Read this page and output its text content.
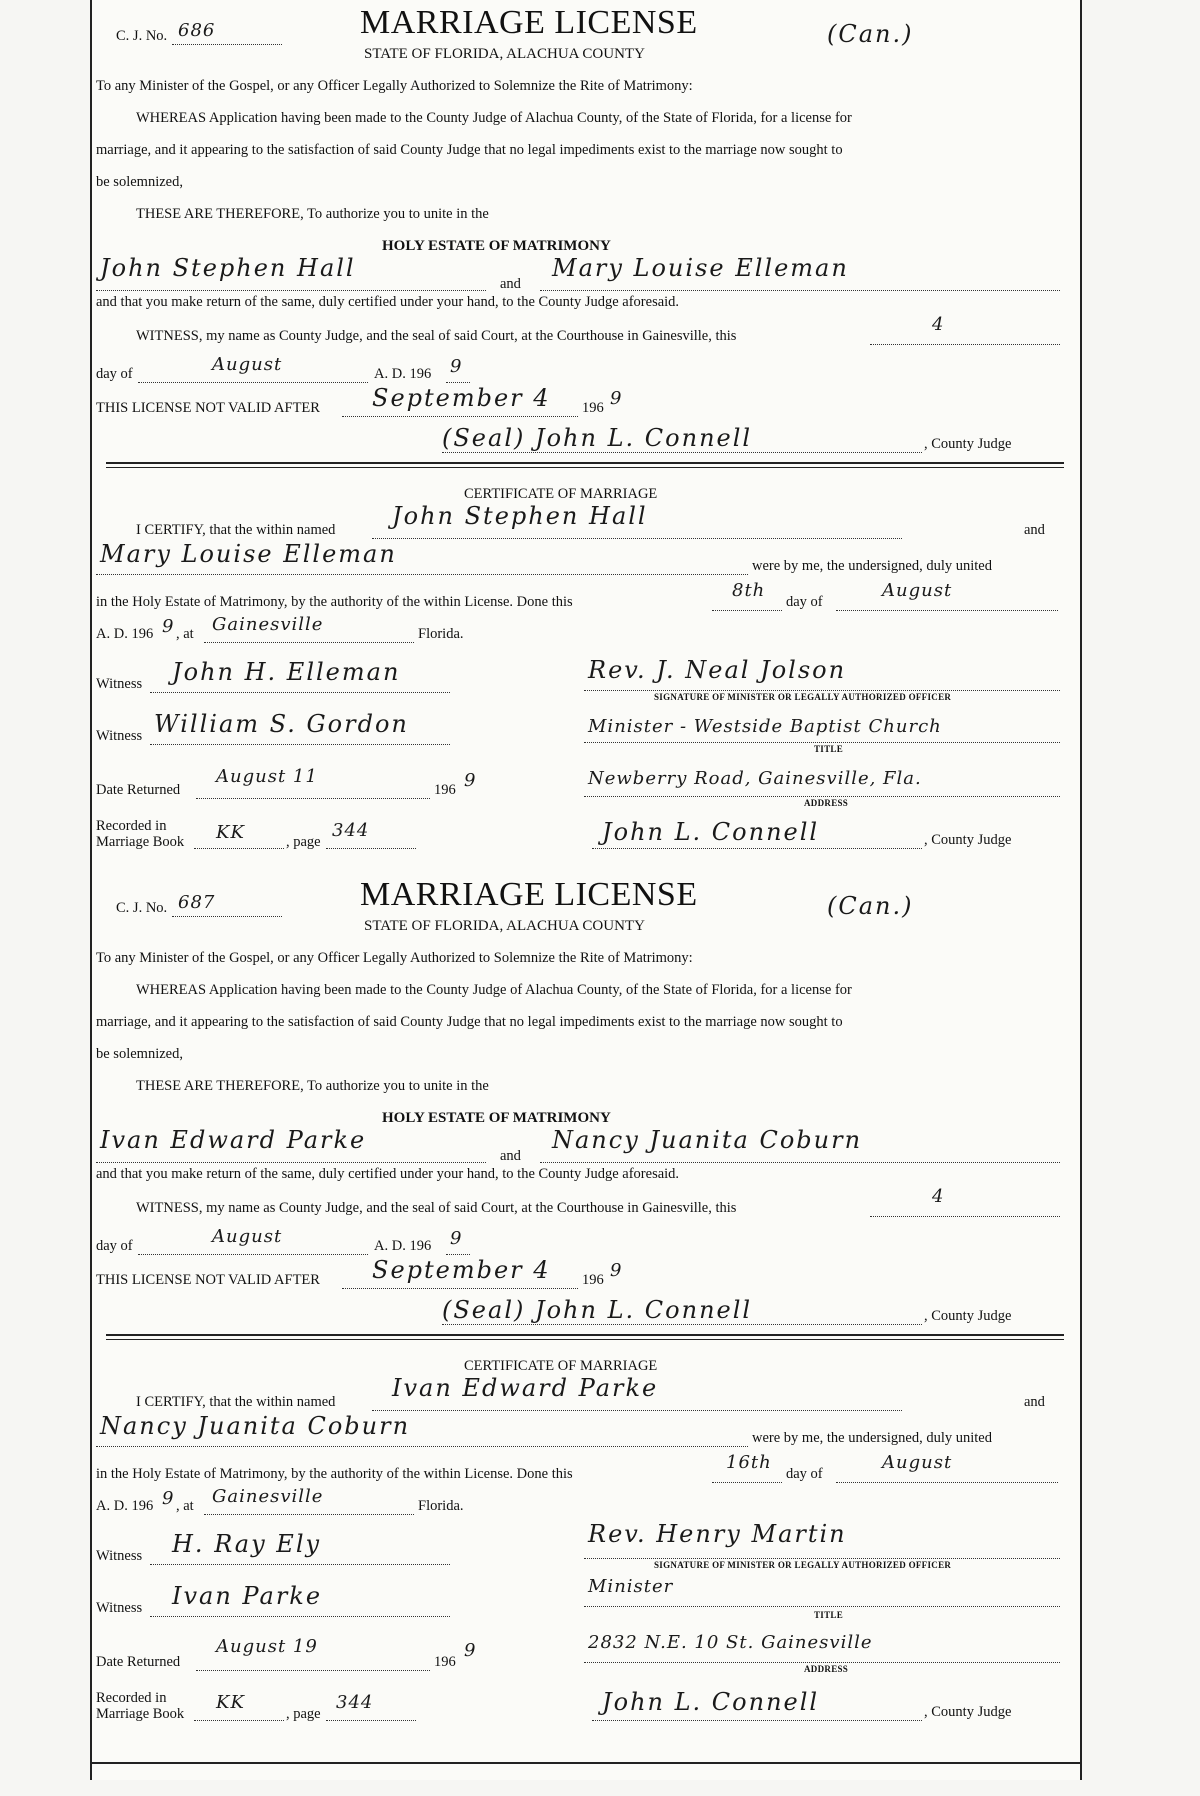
C. J. No. 686	MARRIAGE LICENSE
STATE OF FLORIDA, ALACHUA COUNTY
(Can.)
To any Minister of the Gospel, or any Officer Legally Authorized to Solemnize the Rite of Matrimony:
WHEREAS Application having been made to the County Judge of Alachua County, of the State of Florida, for a license for
marriage, and it appearing to the satisfaction of said County Judge that no legal impediments exist to the marriage now sought to
be solemnized,
THESE ARE THEREFORE, To authorize you to unite in the
HOLY ESTATE OF MATRIMONY
John Stephen Hall
and
Mary Louise Elleman
and that you make return of the same, duly certified under your hand, to the County Judge aforesaid.
WITNESS, my name as County Judge, and the seal of said Court, at the Courthouse in Gainesville, this
4
day of	August	A. D. 196 9
THIS LICENSE NOT VALID AFTER September 4 196 9
(Seal) John L. Connell	, County Judge
CERTIFICATE OF MARRIAGE
I CERTIFY, that the within named John Stephen Hall	and
Mary Louise Elleman	were by me, the undersigned, duly united
in the Holy Estate of Matrimony, by the authority of the within License. Done this
8th
day of
August
A. D. 196 9 , at Gainesville	Florida.
Witness John H. Elleman	Rev. J. Neal Jolson
SIGNATURE OF MINISTER OR LEGALLY AUTHORIZED OFFICER
Witness William S. Gordon	Minister - Westside Baptist Church
TITLE
Date Returned
August 11
196 9	Newberry Road, Gainesville, Fla.
ADDRESS
Recorded in
Marriage Book KK	, page
344	John L. Connell	, County Judge
C. J. No. 687	MARRIAGE LICENSE
STATE OF FLORIDA, ALACHUA COUNTY
(Can.)
To any Minister of the Gospel, or any Officer Legally Authorized to Solemnize the Rite of Matrimony:
WHEREAS Application having been made to the County Judge of Alachua County, of the State of Florida, for a license for
marriage, and it appearing to the satisfaction of said County Judge that no legal impediments exist to the marriage now sought to
be solemnized,
THESE ARE THEREFORE, To authorize you to unite in the
HOLY ESTATE OF MATRIMONY
Ivan Edward Parke
and
Nancy Juanita Coburn
and that you make return of the same, duly certified under your hand, to the County Judge aforesaid.
WITNESS, my name as County Judge, and the seal of said Court, at the Courthouse in Gainesville, this
4
day of	August	A. D. 196 9
THIS LICENSE NOT VALID AFTER September 4 196 9
(Seal) John L. Connell	, County Judge
CERTIFICATE OF MARRIAGE
I CERTIFY, that the within named Ivan Edward Parke	and
Nancy Juanita Coburn	were by me, the undersigned, duly united
in the Holy Estate of Matrimony, by the authority of the within License. Done this
16th
day of
August
A. D. 196 9 , at Gainesville	Florida.
Witness H. Ray Ely	Rev. Henry Martin
SIGNATURE OF MINISTER OR LEGALLY AUTHORIZED OFFICER
Witness Ivan Parke	Minister
TITLE
Date Returned
August 19
196
9	2832 N.E. 10 St. Gainesville
ADDRESS
Recorded in
Marriage Book
KK
, page
344	John L. Connell	, County Judge
